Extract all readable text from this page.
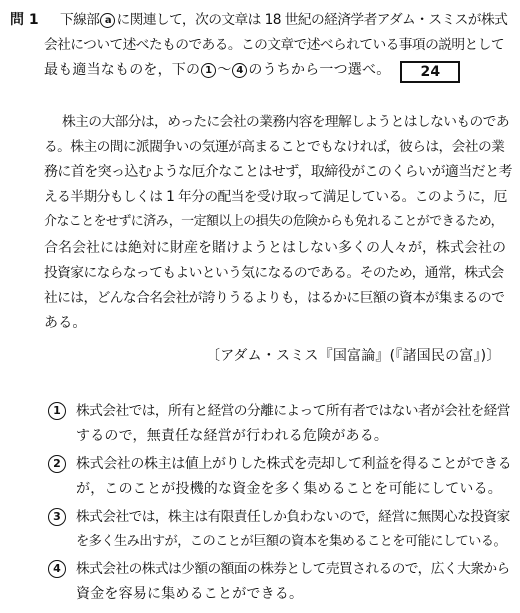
問 1 下線部 a に関連して，次の文章は 18 世紀の経済学者アダム・スミスが株式
会社について述べたものである。この文章で述べられている事項の説明として
最も適当なものを，下の 1 〜 4 のうちから一つ選べ。 24
株主の大部分は，めったに会社の業務内容を理解しようとはしないものであ
る。株主の間に派閥争いの気運が高まることでもなければ，彼らは，会社の業
務に首を突っ込むような厄介なことはせず，取締役がこのくらいが適当だと考
える半期分もしくは 1 年分の配当を受け取って満足している。このように，厄
介なことをせずに済み，一定額以上の損失の危険からも免れることができるため，
合名会社には絶対に財産を賭けようとはしない多くの人々が，株式会社の
投資家にならなってもよいという気になるのである。そのため，通常，株式会
社には，どんな合名会社が誇りうるよりも，はるかに巨額の資本が集まるので
ある。
〔アダム・スミス『国富論』(『諸国民の富』)〕
1	株式会社では，所有と経営の分離によって所有者ではない者が会社を経営
するので，無責任な経営が行われる危険がある。
2	株式会社の株主は値上がりした株式を売却して利益を得ることができる
が，このことが投機的な資金を多く集めることを可能にしている。
3	株式会社では，株主は有限責任しか負わないので，経営に無関心な投資家
を多く生み出すが，このことが巨額の資本を集めることを可能にしている。
4	株式会社の株式は少額の額面の株券として売買されるので，広く大衆から
資金を容易に集めることができる。
